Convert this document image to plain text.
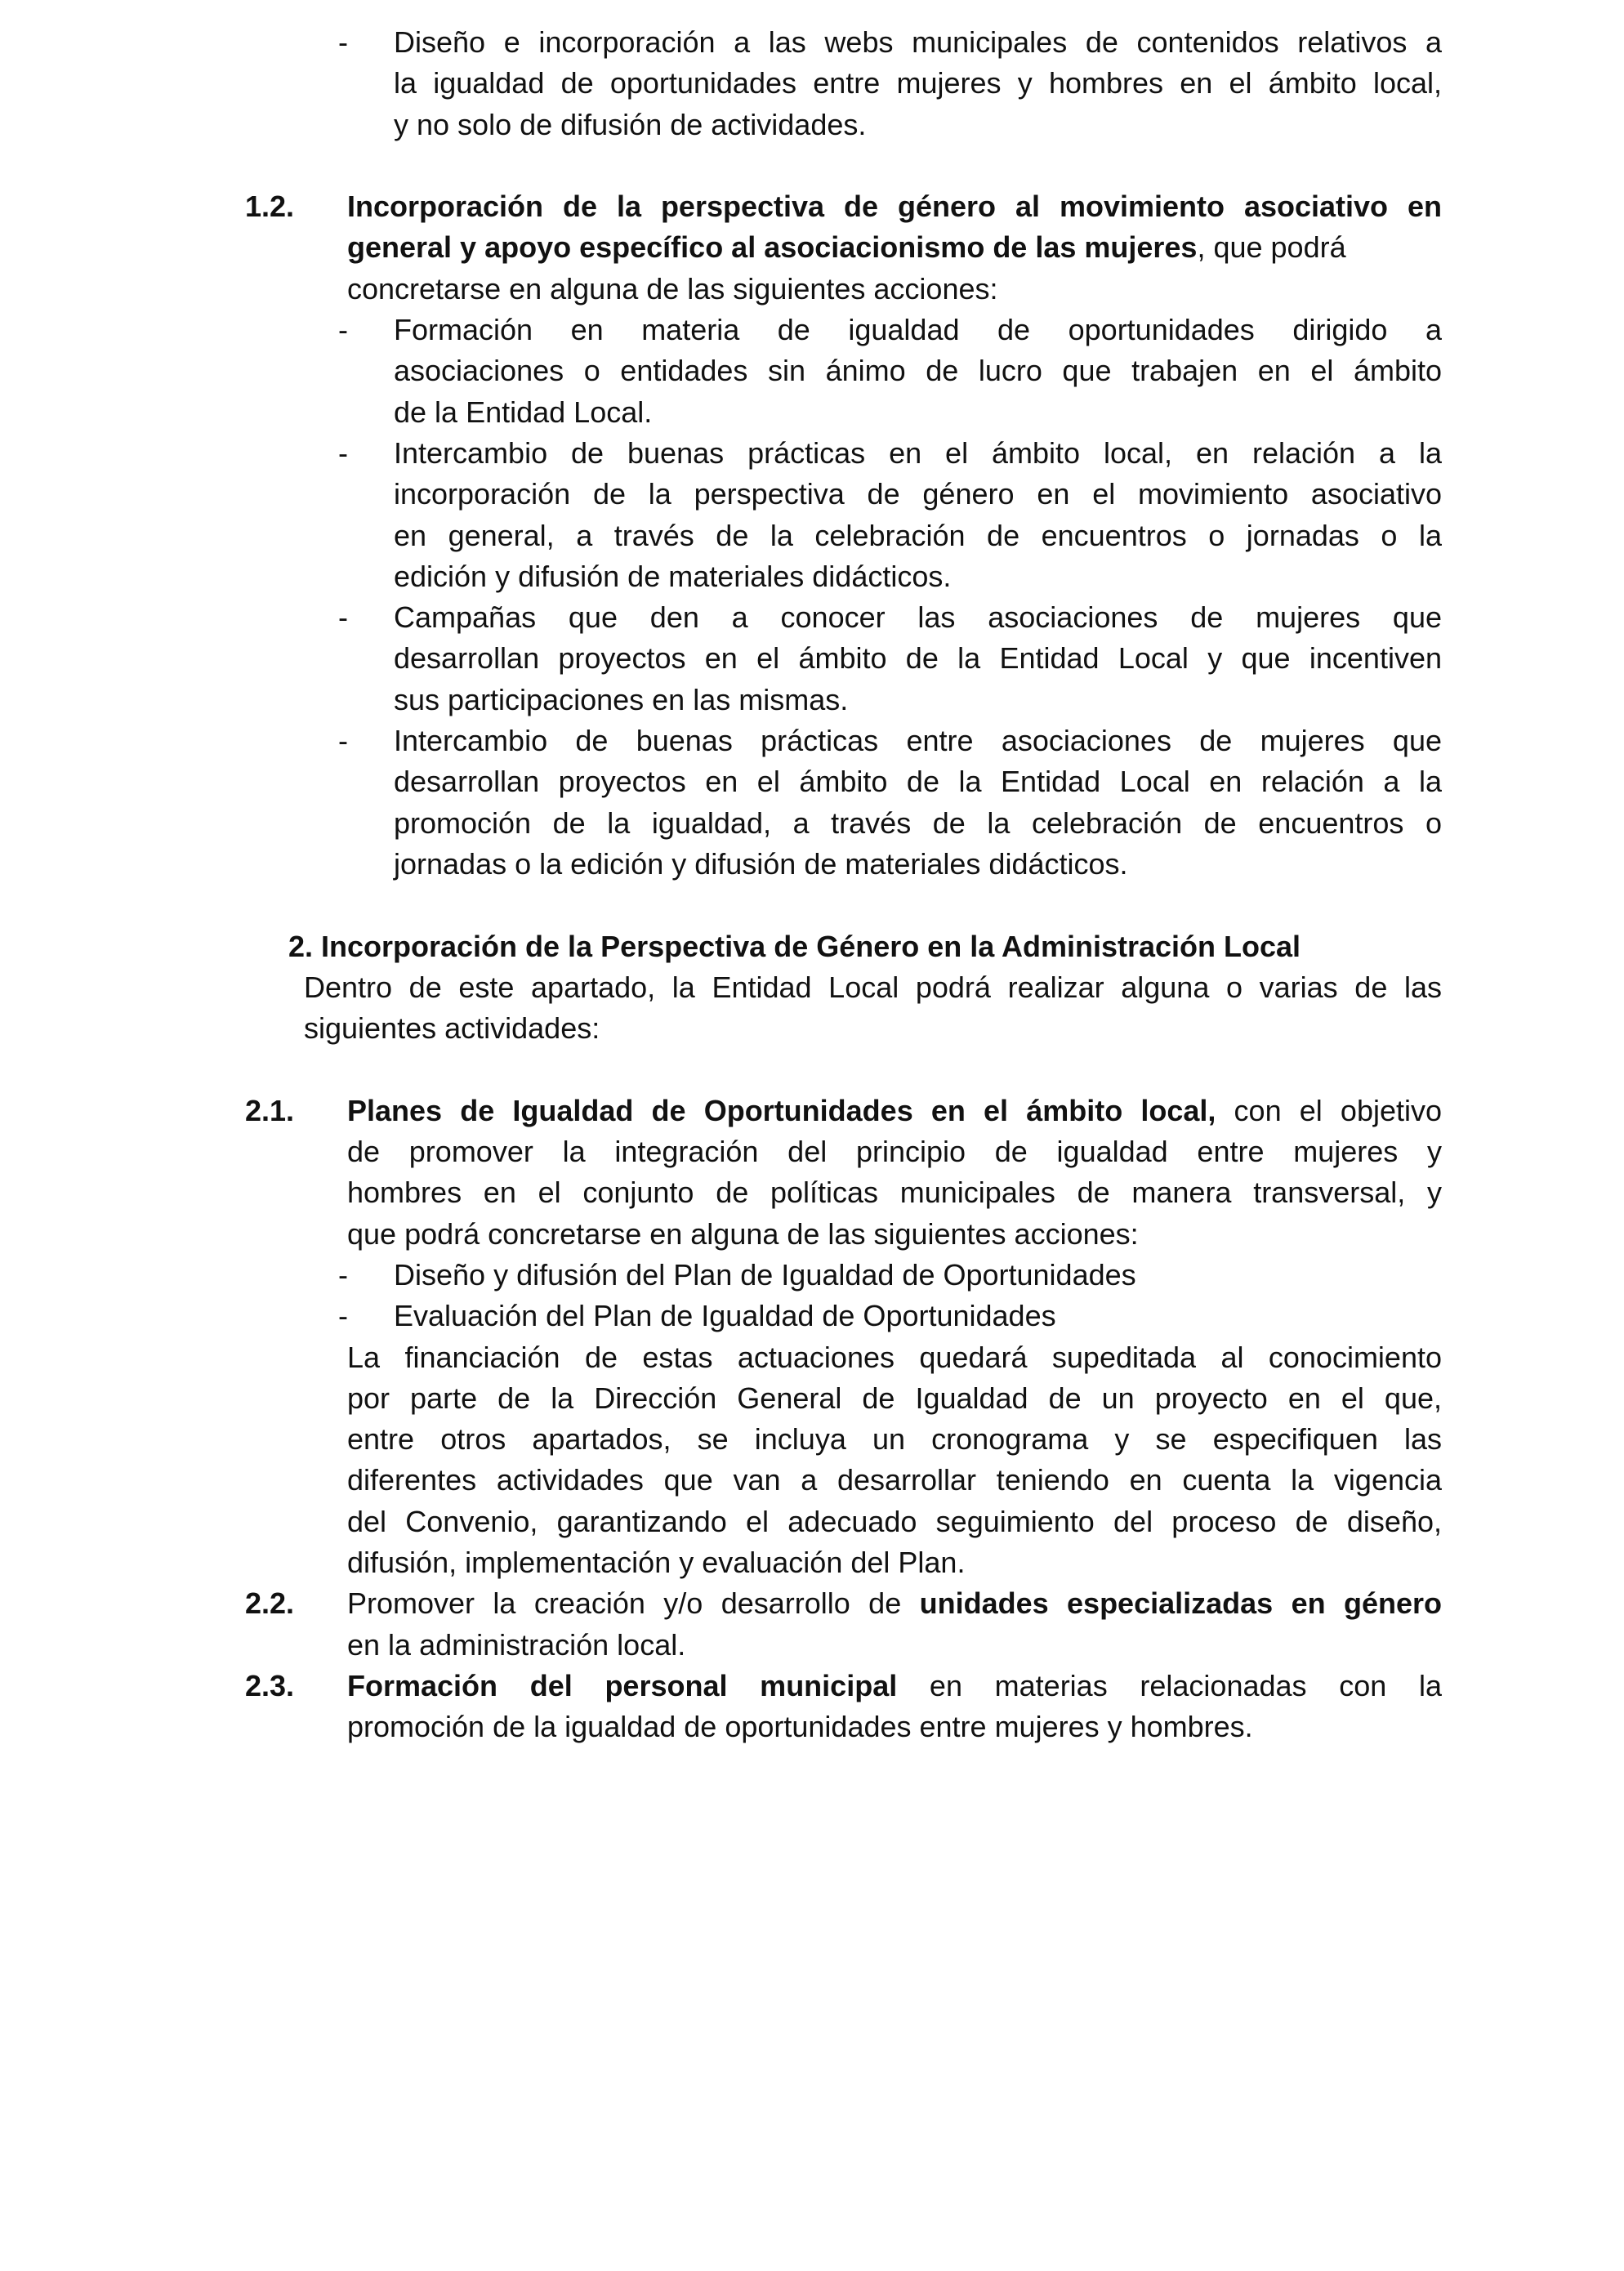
- Diseño e incorporación a las webs municipales de contenidos relativos a
la igualdad de oportunidades entre mujeres y hombres en el ámbito local,
y no solo de difusión de actividades.
1.2. Incorporación de la perspectiva de género al movimiento asociativo en
general y apoyo específico al asociacionismo de las mujeres, que podrá
concretarse en alguna de las siguientes acciones:
- Formación en materia de igualdad de oportunidades dirigido a
asociaciones o entidades sin ánimo de lucro que trabajen en el ámbito
de la Entidad Local.
- Intercambio de buenas prácticas en el ámbito local, en relación a la
incorporación de la perspectiva de género en el movimiento asociativo
en general, a través de la celebración de encuentros o jornadas o la
edición y difusión de materiales didácticos.
- Campañas que den a conocer las asociaciones de mujeres que
desarrollan proyectos en el ámbito de la Entidad Local y que incentiven
sus participaciones en las mismas.
- Intercambio de buenas prácticas entre asociaciones de mujeres que
desarrollan proyectos en el ámbito de la Entidad Local en relación a la
promoción de la igualdad, a través de la celebración de encuentros o
jornadas o la edición y difusión de materiales didácticos.
2. Incorporación de la Perspectiva de Género en la Administración Local
Dentro de este apartado, la Entidad Local podrá realizar alguna o varias de las
siguientes actividades:
2.1. Planes de Igualdad de Oportunidades en el ámbito local, con el objetivo
de promover la integración del principio de igualdad entre mujeres y
hombres en el conjunto de políticas municipales de manera transversal, y
que podrá concretarse en alguna de las siguientes acciones:
- Diseño y difusión del Plan de Igualdad de Oportunidades
- Evaluación del Plan de Igualdad de Oportunidades
La financiación de estas actuaciones quedará supeditada al conocimiento
por parte de la Dirección General de Igualdad de un proyecto en el que,
entre otros apartados, se incluya un cronograma y se especifiquen las
diferentes actividades que van a desarrollar teniendo en cuenta la vigencia
del Convenio, garantizando el adecuado seguimiento del proceso de diseño,
difusión, implementación y evaluación del Plan.
2.2. Promover la creación y/o desarrollo de unidades especializadas en género
en la administración local.
2.3. Formación del personal municipal en materias relacionadas con la
promoción de la igualdad de oportunidades entre mujeres y hombres.
